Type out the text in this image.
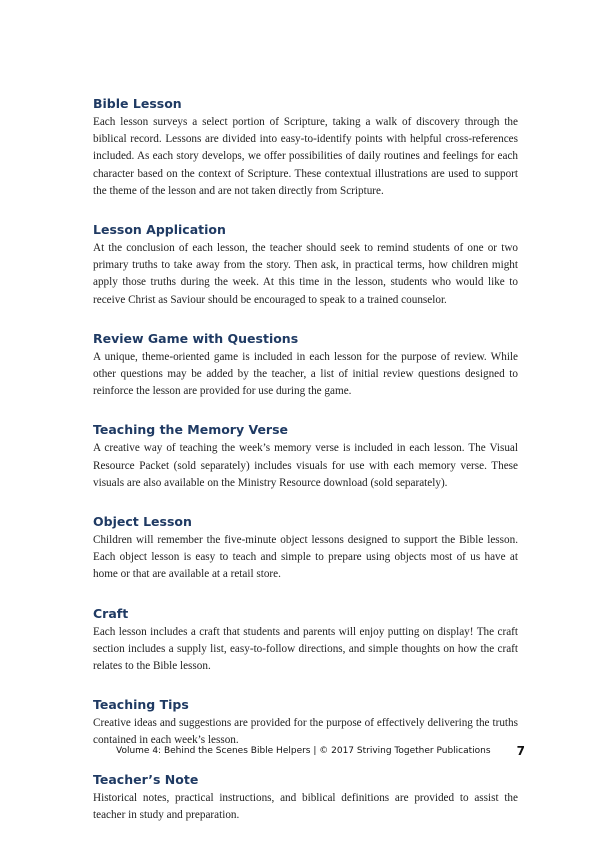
Bible Lesson

Each lesson surveys a select portion of Scripture, taking a walk of discovery through the biblical record. Lessons are divided into easy-to-identify points with helpful cross-references included. As each story develops, we offer possibilities of daily routines and feelings for each character based on the context of Scripture. These contextual illustrations are used to support the theme of the lesson and are not taken directly from Scripture.

Lesson Application

At the conclusion of each lesson, the teacher should seek to remind students of one or two primary truths to take away from the story. Then ask, in practical terms, how children might apply those truths during the week. At this time in the lesson, students who would like to receive Christ as Saviour should be encouraged to speak to a trained counselor.

Review Game with Questions

A unique, theme-oriented game is included in each lesson for the purpose of review. While other questions may be added by the teacher, a list of initial review questions designed to reinforce the lesson are provided for use during the game.

Teaching the Memory Verse

A creative way of teaching the week’s memory verse is included in each lesson. The Visual Resource Packet (sold separately) includes visuals for use with each memory verse. These visuals are also available on the Ministry Resource download (sold separately).

Object Lesson

Children will remember the five-minute object lessons designed to support the Bible lesson. Each object lesson is easy to teach and simple to prepare using objects most of us have at home or that are available at a retail store.

Craft

Each lesson includes a craft that students and parents will enjoy putting on display! The craft section includes a supply list, easy-to-follow directions, and simple thoughts on how the craft relates to the Bible lesson.

Teaching Tips

Creative ideas and suggestions are provided for the purpose of effectively delivering the truths contained in each week’s lesson.

Teacher’s Note

Historical notes, practical instructions, and biblical definitions are provided to assist the teacher in study and preparation.

Volume 4: Behind the Scenes Bible Helpers | © 2017 Striving Together Publications 7
